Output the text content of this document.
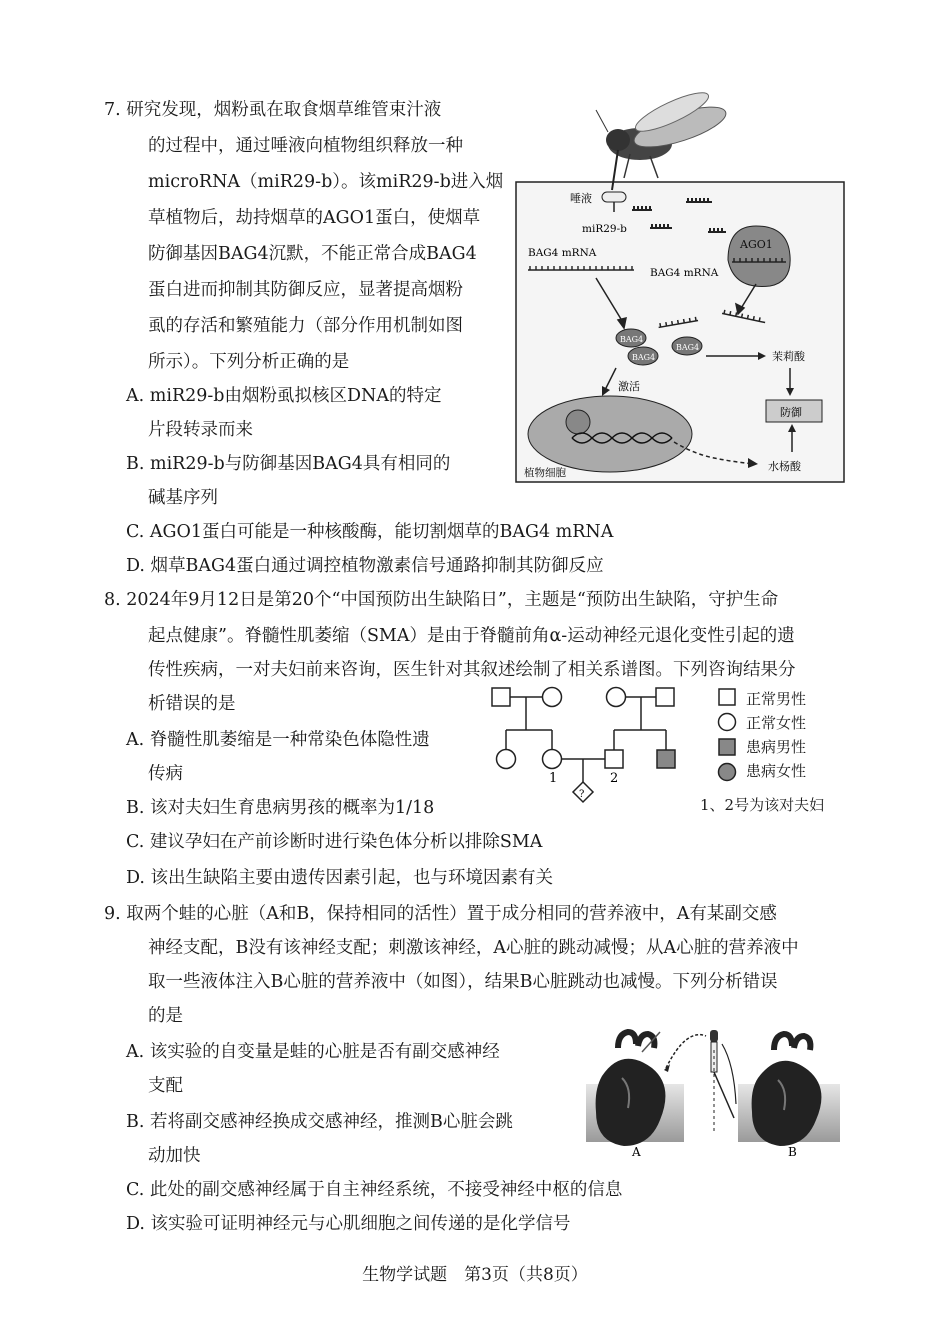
7. 研究发现，烟粉虱在取食烟草维管束汁液
的过程中，通过唾液向植物组织释放一种
microRNA（miR29-b）。该miR29-b进入烟
草植物后，劫持烟草的AGO1蛋白，使烟草
防御基因BAG4沉默，不能正常合成BAG4
蛋白进而抑制其防御反应，显著提高烟粉
虱的存活和繁殖能力（部分作用机制如图
所示）。下列分析正确的是
A. miR29-b由烟粉虱拟核区DNA的特定
片段转录而来
B. miR29-b与防御基因BAG4具有相同的
碱基序列
C. AGO1蛋白可能是一种核酸酶，能切割烟草的BAG4 mRNA
D. 烟草BAG4蛋白通过调控植物激素信号通路抑制其防御反应
唾液
miR29-b
AGO1
BAG4 mRNA
BAG4 mRNA
BAG4
BAG4
BAG4
茉莉酸
防御
水杨酸
激活
植物细胞
8. 2024年9月12日是第20个“中国预防出生缺陷日”，主题是“预防出生缺陷，守护生命
起点健康”。脊髓性肌萎缩（SMA）是由于脊髓前角α-运动神经元退化变性引起的遗
传性疾病，一对夫妇前来咨询，医生针对其叙述绘制了相关系谱图。下列咨询结果分
析错误的是
A. 脊髓性肌萎缩是一种常染色体隐性遗
传病
B. 该对夫妇生育患病男孩的概率为1/18
C. 建议孕妇在产前诊断时进行染色体分析以排除SMA
D. 该出生缺陷主要由遗传因素引起，也与环境因素有关
1	2
?
正常男性
正常女性
患病男性
患病女性
1、2号为该对夫妇
9. 取两个蛙的心脏（A和B，保持相同的活性）置于成分相同的营养液中，A有某副交感
神经支配，B没有该神经支配；刺激该神经，A心脏的跳动减慢；从A心脏的营养液中
取一些液体注入B心脏的营养液中（如图），结果B心脏跳动也减慢。下列分析错误
的是
A. 该实验的自变量是蛙的心脏是否有副交感神经
支配
B. 若将副交感神经换成交感神经，推测B心脏会跳
动加快
C. 此处的副交感神经属于自主神经系统，不接受神经中枢的信息
D. 该实验可证明神经元与心肌细胞之间传递的是化学信号
A	B
生物学试题　第3页（共8页）
